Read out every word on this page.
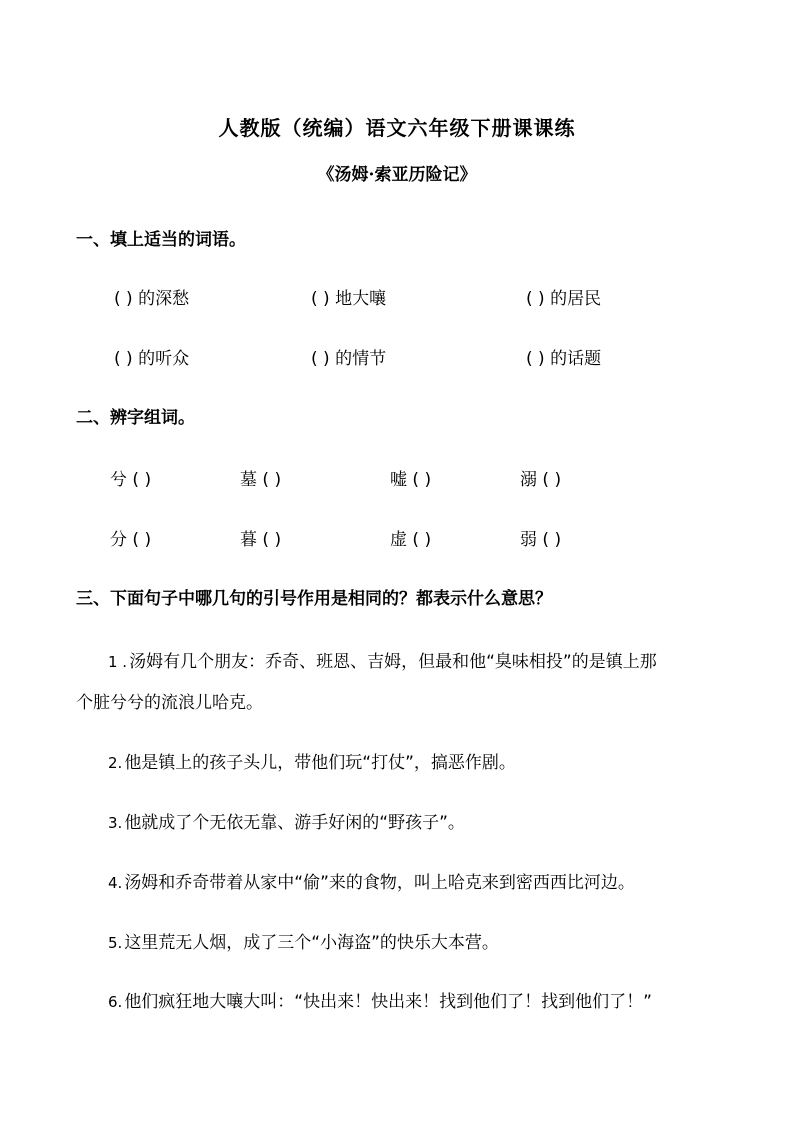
人教版（统编）语文六年级下册课课练
《汤姆·索亚历险记》
一、填上适当的词语。
( ) 的深愁	( ) 地大嚷	( ) 的居民
( ) 的听众	( ) 的情节	( ) 的话题
二、辨字组词。
兮 ( )	墓 ( )	嘘 ( )	溺 ( )
分 ( )	暮 ( )	虚 ( )	弱 ( )
三、下面句子中哪几句的引号作用是相同的？都表示什么意思？
1 . 汤姆有几个朋友：乔奇、班恩、吉姆，但最和他“臭味相投”的是镇上那
个脏兮兮的流浪儿哈克。
2. 他是镇上的孩子头儿，带他们玩“打仗”，搞恶作剧。
3. 他就成了个无依无靠、游手好闲的“野孩子”。
4. 汤姆和乔奇带着从家中“偷”来的食物，叫上哈克来到密西西比河边。
5. 这里荒无人烟，成了三个“小海盗”的快乐大本营。
6. 他们疯狂地大嚷大叫：“快出来！快出来！找到他们了！找到他们了！”
